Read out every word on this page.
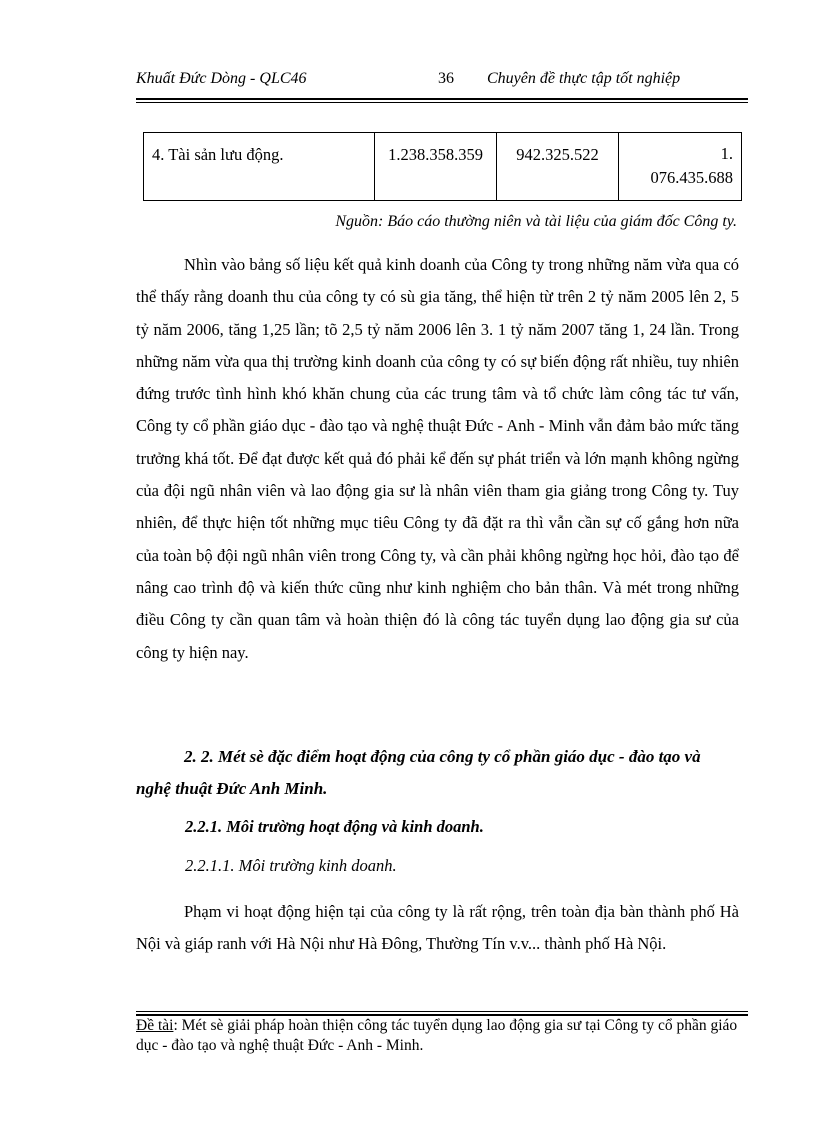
Khuất Đức Dòng - QLC46	36 Chuyên đề thực tập tốt nghiệp
4. Tài sản lưu động.	1.238.358.359	942.325.522	1.
076.435.688
Nguồn: Báo cáo thường niên và tài liệu của giám đốc Công ty.

Nhìn vào bảng số liệu kết quả kinh doanh của Công ty trong những năm vừa qua có thể thấy rằng doanh thu của công ty có sù gia tăng, thể hiện từ trên 2 tỷ năm 2005 lên 2, 5 tỷ năm 2006, tăng 1,25 lần; tõ 2,5 tỷ năm 2006 lên 3. 1 tỷ năm 2007 tăng 1, 24 lần. Trong những năm vừa qua thị trường kinh doanh của công ty có sự biến động rất nhiều, tuy nhiên đứng trước tình hình khó khăn chung của các trung tâm và tổ chức làm công tác tư vấn, Công ty cổ phần giáo dục - đào tạo và nghệ thuật Đức - Anh - Minh vẫn đảm bảo mức tăng trưởng khá tốt. Để đạt được kết quả đó phải kể đến sự phát triển và lớn mạnh không ngừng của đội ngũ nhân viên và lao động gia sư là nhân viên tham gia giảng trong Công ty. Tuy nhiên, để thực hiện tốt những mục tiêu Công ty đã đặt ra thì vẫn cần sự cố gắng hơn nữa của toàn bộ đội ngũ nhân viên trong Công ty, và cần phải không ngừng học hỏi, đào tạo để nâng cao trình độ và kiến thức cũng như kinh nghiệm cho bản thân. Và mét trong những điều Công ty cần quan tâm và hoàn thiện đó là công tác tuyển dụng lao động gia sư của công ty hiện nay.

2. 2. Mét sè đặc điểm hoạt động của công ty cổ phần giáo dục - đào tạo và nghệ thuật Đức Anh Minh.

2.2.1. Môi trường hoạt động và kinh doanh.
2.2.1.1. Môi trường kinh doanh.

Phạm vi hoạt động hiện tại của công ty là rất rộng, trên toàn địa bàn thành phố Hà Nội và giáp ranh với Hà Nội như Hà Đông, Thường Tín v.v... thành phố Hà Nội.

Đề tài: Mét sè giải pháp hoàn thiện công tác tuyển dụng lao động gia sư tại Công ty cổ phần giáo dục - đào tạo và nghệ thuật Đức - Anh - Minh.
